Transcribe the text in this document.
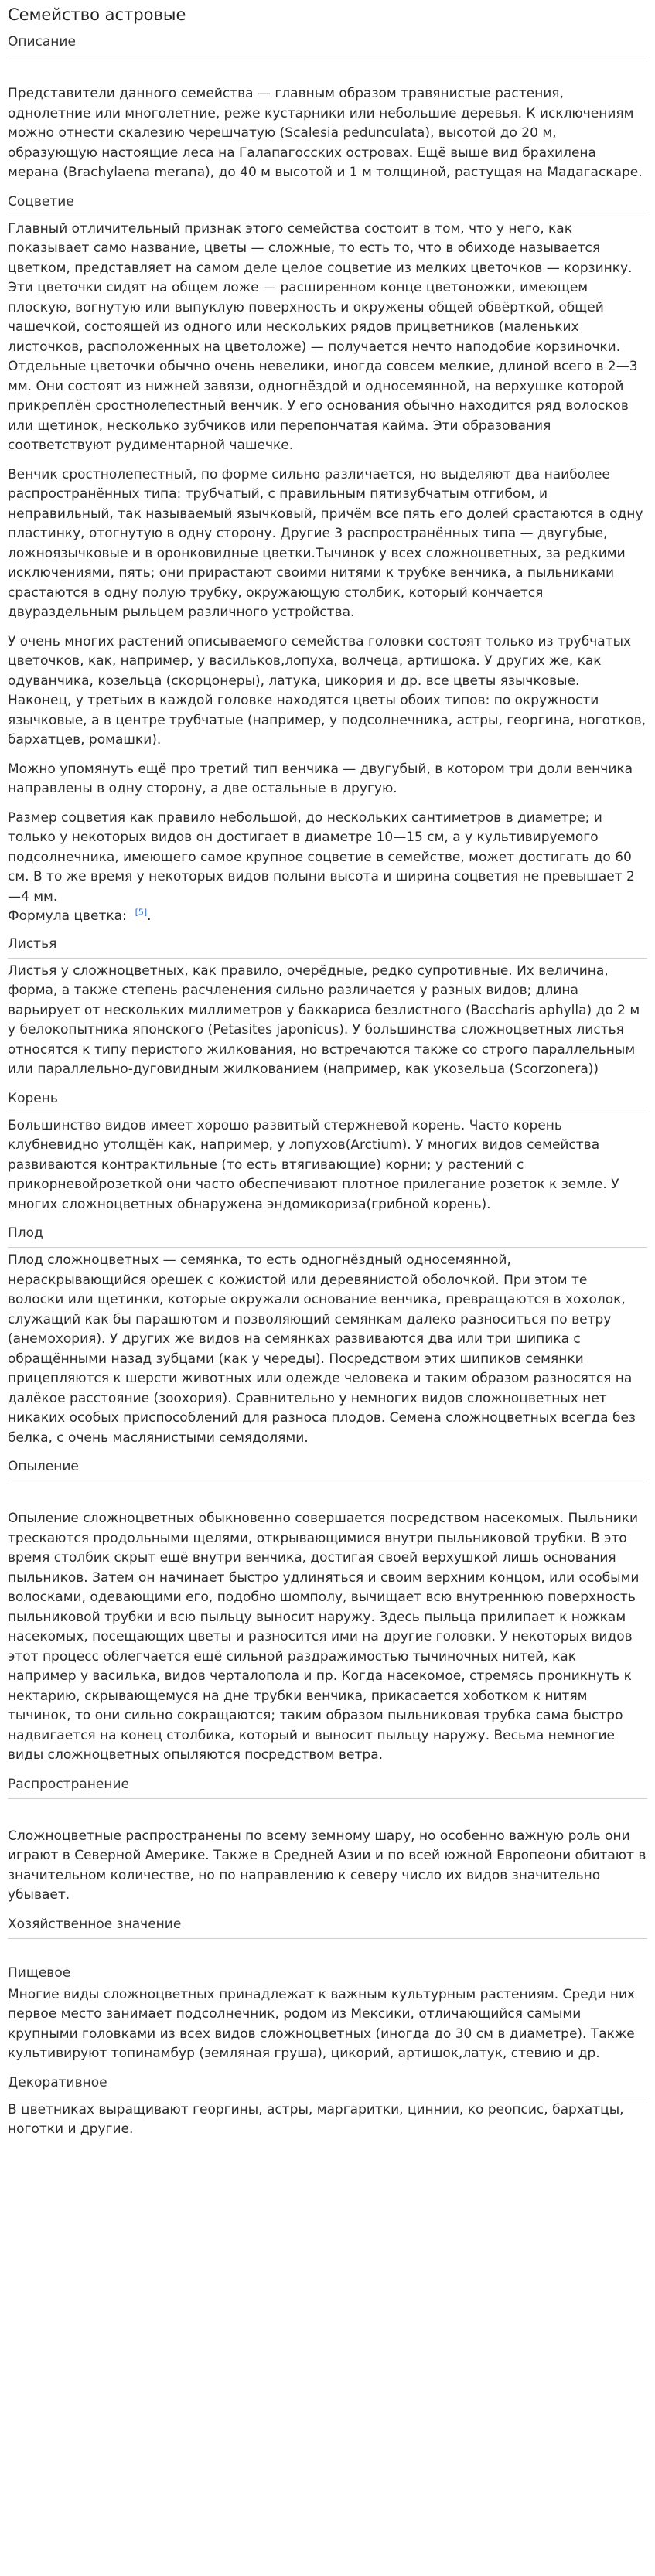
Семейство астровые
Описание

Представители данного семейства — главным образом травянистые растения, однолетние или многолетние, реже кустарники или небольшие деревья. К исключениям можно отнести скалезию черешчатую (Scalesia pedunculata), высотой до 20 м, образующую настоящие леса на Галапагосских островах. Ещё выше вид брахилена мерана (Brachylaena merana), до 40 м высотой и 1 м толщиной, растущая на Мадагаскаре.

Соцветие

Главный отличительный признак этого семейства состоит в том, что у него, как показывает само название, цветы — сложные, то есть то, что в обиходе называется цветком, представляет на самом деле целое соцветие из мелких цветочков — корзинку. Эти цветочки сидят на общем ложе — расширенном конце цветоножки, имеющем плоскую, вогнутую или выпуклую поверхность и окружены общей обвёрткой, общей чашечкой, состоящей из одного или нескольких рядов прицветников (маленьких листочков, расположенных на цветоложе) — получается нечто наподобие корзиночки. Отдельные цветочки обычно очень невелики, иногда совсем мелкие, длиной всего в 2—3 мм. Они состоят из нижней завязи, одногнёздой и односемянной, на верхушке которой прикреплён сростнолепестный венчик. У его основания обычно находится ряд волосков или щетинок, несколько зубчиков или перепончатая кайма. Эти образования соответствуют рудиментарной чашечке.

Венчик сростнолепестный, по форме сильно различается, но выделяют два наиболее распространённых типа: трубчатый, с правильным пятизубчатым отгибом, и неправильный, так называемый язычковый, причём все пять его долей срастаются в одну пластинку, отогнутую в одну сторону. Другие 3 распространённых типа — двугубые, ложноязычковые и в оронковидные цветки.Тычинок у всех сложноцветных, за редкими исключениями, пять; они прирастают своими нитями к трубке венчика, а пыльниками срастаются в одну полую трубку, окружающую столбик, который кончается двураздельным рыльцем различного устройства.

У очень многих растений описываемого семейства головки состоят только из трубчатых цветочков, как, например, у васильков,лопуха, волчеца, артишока. У других же, как одуванчика, козельца (скорцонеры), латука, цикория и др. все цветы язычковые. Наконец, у третьих в каждой головке находятся цветы обоих типов: по окружности язычковые, а в центре трубчатые (например, у подсолнечника, астры, георгина, ноготков, бархатцев, ромашки).

Можно упомянуть ещё про третий тип венчика — двугубый, в котором три доли венчика направлены в одну сторону, а две остальные в другую.

Размер соцветия как правило небольшой, до нескольких сантиметров в диаметре; и только у некоторых видов он достигает в диаметре 10—15 см, а у культивируемого подсолнечника, имеющего самое крупное соцветие в семействе, может достигать до 60 см. В то же время у некоторых видов полыни высота и ширина соцветия не превышает 2—4 мм.

Формула цветка: [5].
Листья

Листья у сложноцветных, как правило, очерёдные, редко супротивные. Их величина, форма, а также степень расчленения сильно различается у разных видов; длина варьирует от нескольких миллиметров у баккариса безлистного (Baccharis aphylla) до 2 м у белокопытника японского (Petasites japonicus). У большинства сложноцветных листья относятся к типу перистого жилкования, но встречаются также со строго параллельным или параллельно-дуговидным жилкованием (например, как укозельца (Scorzonera))

Корень

Большинство видов имеет хорошо развитый стержневой корень. Часто корень клубневидно утолщён как, например, у лопухов(Arctium). У многих видов семейства развиваются контрактильные (то есть втягивающие) корни; у растений с прикорневойрозеткой они часто обеспечивают плотное прилегание розеток к земле. У многих сложноцветных обнаружена эндомикориза(грибной корень).

Плод

Плод сложноцветных — семянка, то есть одногнёздный односемянной, нераскрывающийся орешек с кожистой или деревянистой оболочкой. При этом те волоски или щетинки, которые окружали основание венчика, превращаются в хохолок, служащий как бы парашютом и позволяющий семянкам далеко разноситься по ветру (анемохория). У других же видов на семянках развиваются два или три шипика с обращёнными назад зубцами (как у череды). Посредством этих шипиков семянки прицепляются к шерсти животных или одежде человека и таким образом разносятся на далёкое расстояние (зоохория). Сравнительно у немногих видов сложноцветных нет никаких особых приспособлений для разноса плодов. Семена сложноцветных всегда без белка, с очень маслянистыми семядолями.

Опыление

Опыление сложноцветных обыкновенно совершается посредством насекомых. Пыльники трескаются продольными щелями, открывающимися внутри пыльниковой трубки. В это время столбик скрыт ещё внутри венчика, достигая своей верхушкой лишь основания пыльников. Затем он начинает быстро удлиняться и своим верхним концом, или особыми волосками, одевающими его, подобно шомполу, вычищает всю внутреннюю поверхность пыльниковой трубки и всю пыльцу выносит наружу. Здесь пыльца прилипает к ножкам насекомых, посещающих цветы и разносится ими на другие головки. У некоторых видов этот процесс облегчается ещё сильной раздражимостью тычиночных нитей, как например у василька, видов черталопола и пр. Когда насекомое, стремясь проникнуть к нектарию, скрывающемуся на дне трубки венчика, прикасается хоботком к нитям тычинок, то они сильно сокращаются; таким образом пыльниковая трубка сама быстро надвигается на конец столбика, который и выносит пыльцу наружу. Весьма немногие виды сложноцветных опыляются посредством ветра.

Распространение

Сложноцветные распространены по всему земному шару, но особенно важную роль они играют в Северной Америке. Также в Средней Азии и по всей южной Европеони обитают в значительном количестве, но по направлению к северу число их видов значительно убывает.

Хозяйственное значение
Пищевое

Многие виды сложноцветных принадлежат к важным культурным растениям. Среди них первое место занимает подсолнечник, родом из Мексики, отличающийся самыми крупными головками из всех видов сложноцветных (иногда до 30 см в диаметре). Также культивируют топинамбур (земляная груша), цикорий, артишок,латук, стевию и др.

Декоративное

В цветниках выращивают георгины, астры, маргаритки, циннии, ко реопсис, бархатцы, ноготки и другие.
